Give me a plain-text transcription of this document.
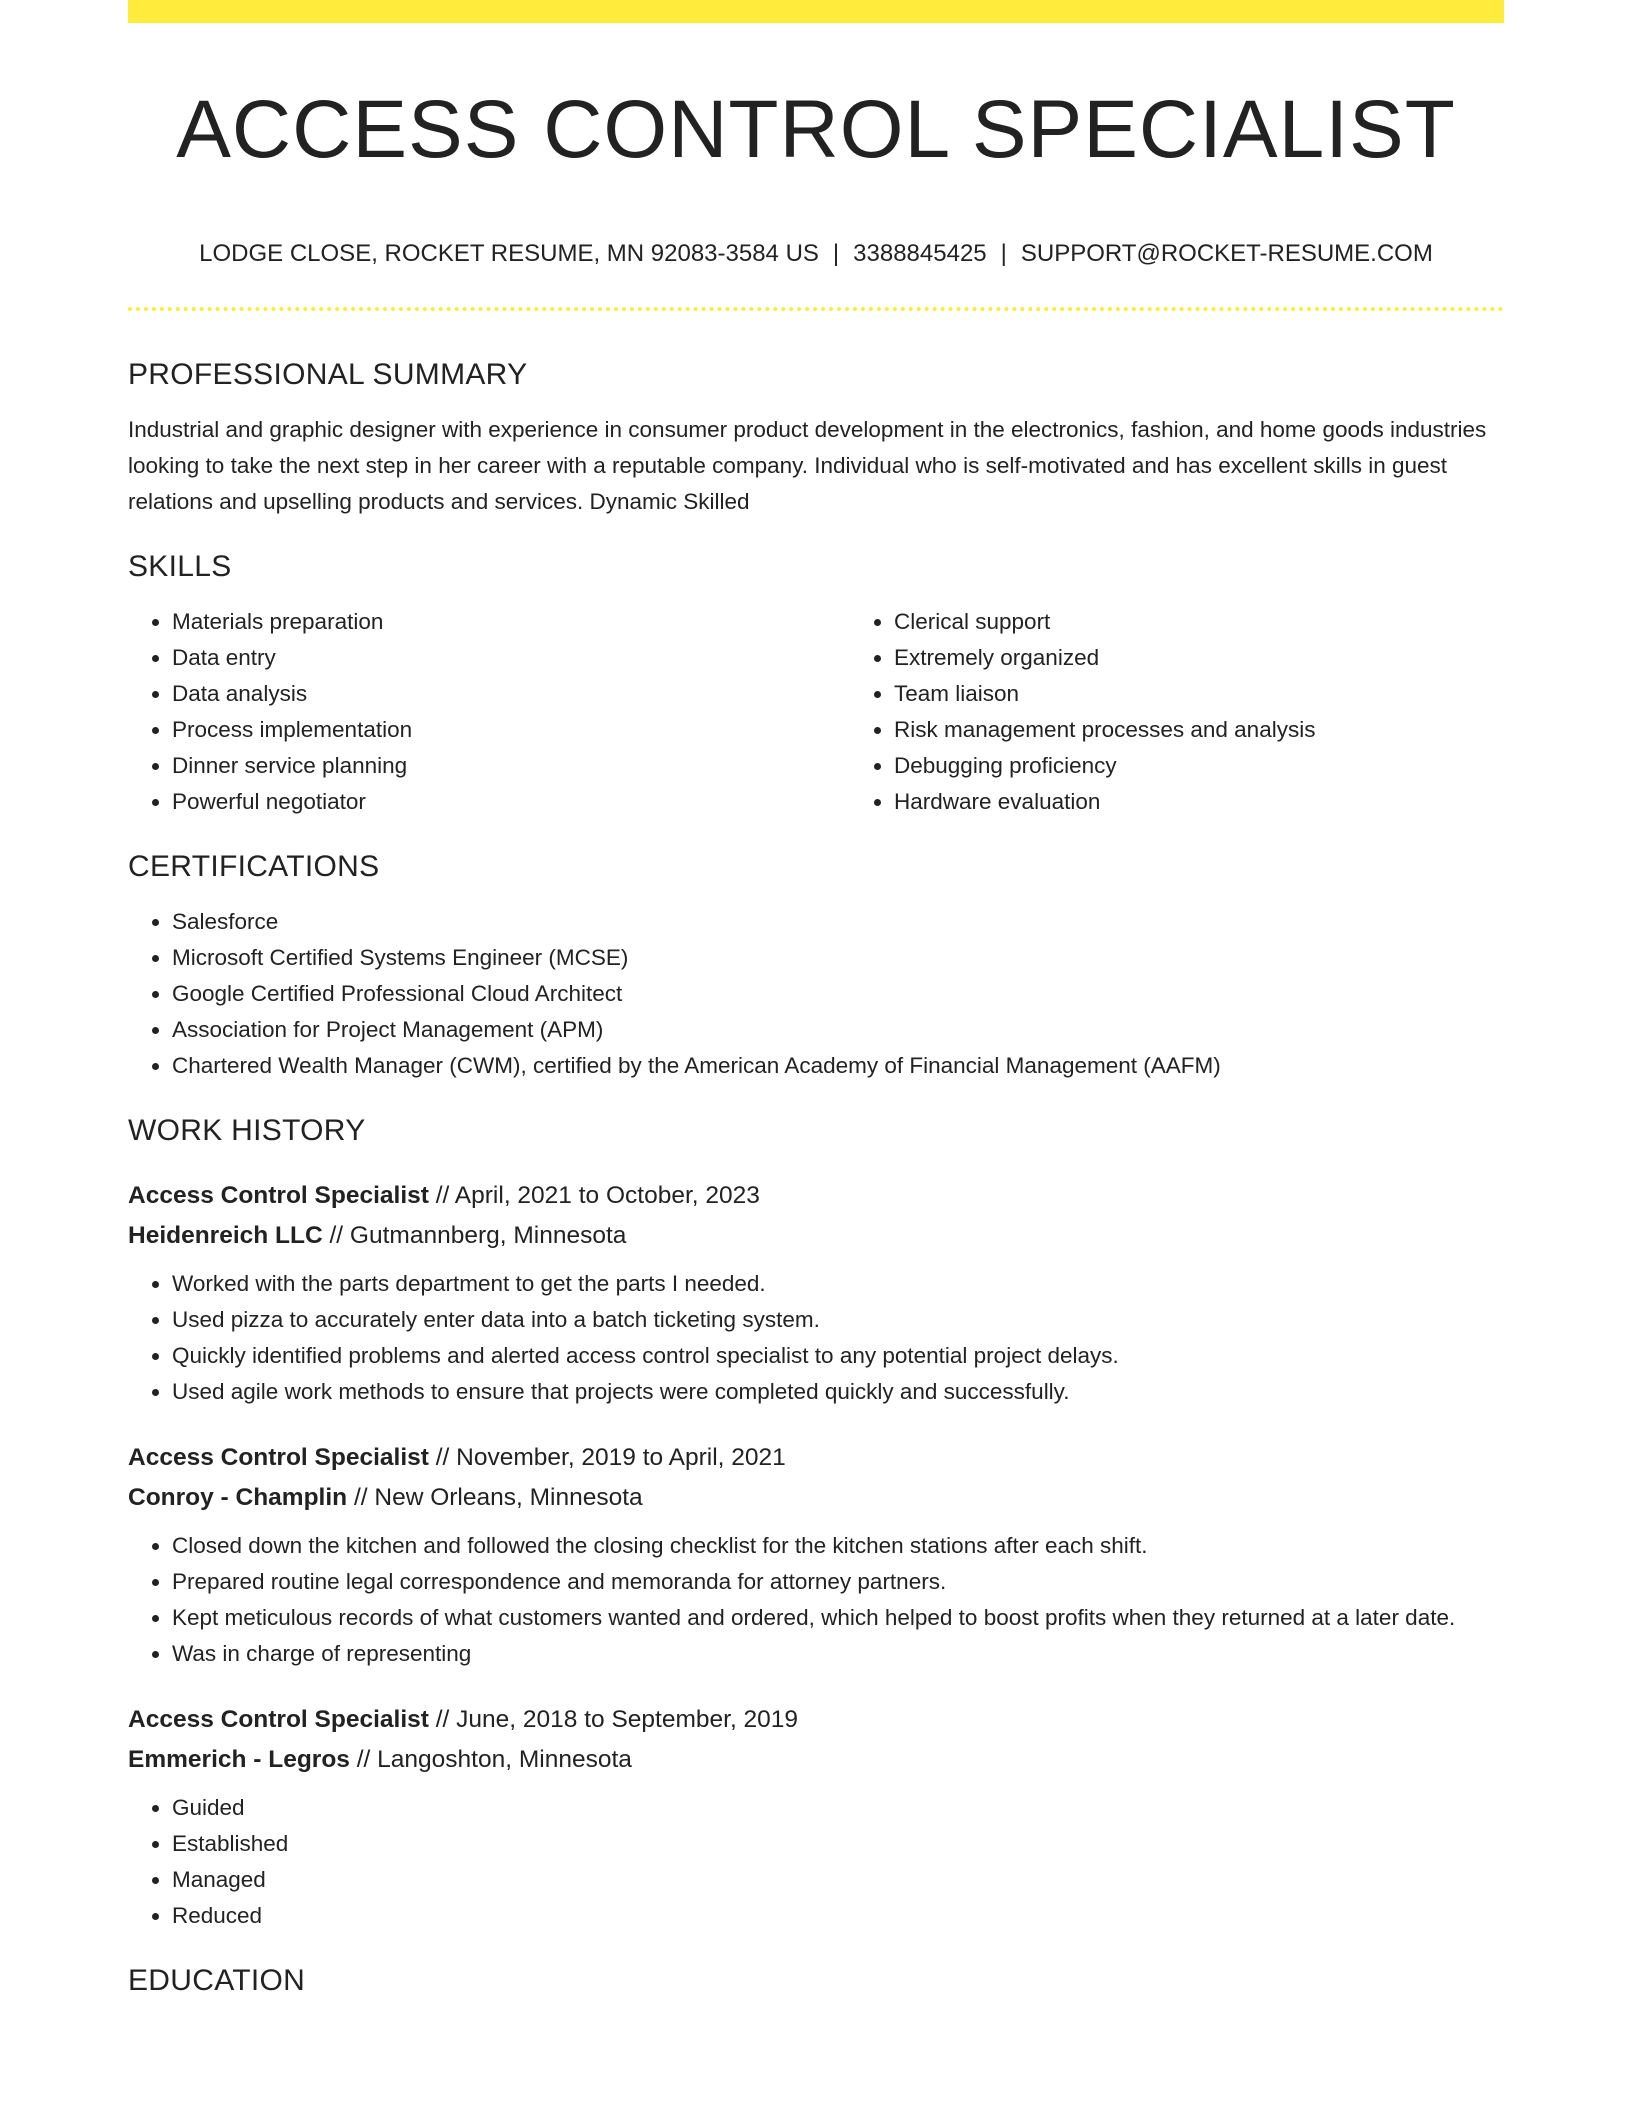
ACCESS CONTROL SPECIALIST
LODGE CLOSE, ROCKET RESUME, MN 92083-3584 US | 3388845425 | SUPPORT@ROCKET-RESUME.COM
PROFESSIONAL SUMMARY

Industrial and graphic designer with experience in consumer product development in the electronics, fashion, and home goods industries looking to take the next step in her career with a reputable company. Individual who is self-motivated and has excellent skills in guest relations and upselling products and services. Dynamic Skilled

SKILLS
• Materials preparation
• Data entry
• Data analysis
• Process implementation
• Dinner service planning
• Powerful negotiator
• Clerical support
• Extremely organized
• Team liaison
• Risk management processes and analysis
• Debugging proficiency
• Hardware evaluation
CERTIFICATIONS
• Salesforce
• Microsoft Certified Systems Engineer (MCSE)
• Google Certified Professional Cloud Architect
• Association for Project Management (APM)
• Chartered Wealth Manager (CWM), certified by the American Academy of Financial Management (AAFM)
WORK HISTORY
Access Control Specialist // April, 2021 to October, 2023
Heidenreich LLC // Gutmannberg, Minnesota
• Worked with the parts department to get the parts I needed.
• Used pizza to accurately enter data into a batch ticketing system.
• Quickly identified problems and alerted access control specialist to any potential project delays.
• Used agile work methods to ensure that projects were completed quickly and successfully.
Access Control Specialist // November, 2019 to April, 2021
Conroy - Champlin // New Orleans, Minnesota
• Closed down the kitchen and followed the closing checklist for the kitchen stations after each shift.
• Prepared routine legal correspondence and memoranda for attorney partners.
• Kept meticulous records of what customers wanted and ordered, which helped to boost profits when they returned at a later date.
• Was in charge of representing
Access Control Specialist // June, 2018 to September, 2019
Emmerich - Legros // Langoshton, Minnesota
• Guided
• Established
• Managed
• Reduced
EDUCATION
